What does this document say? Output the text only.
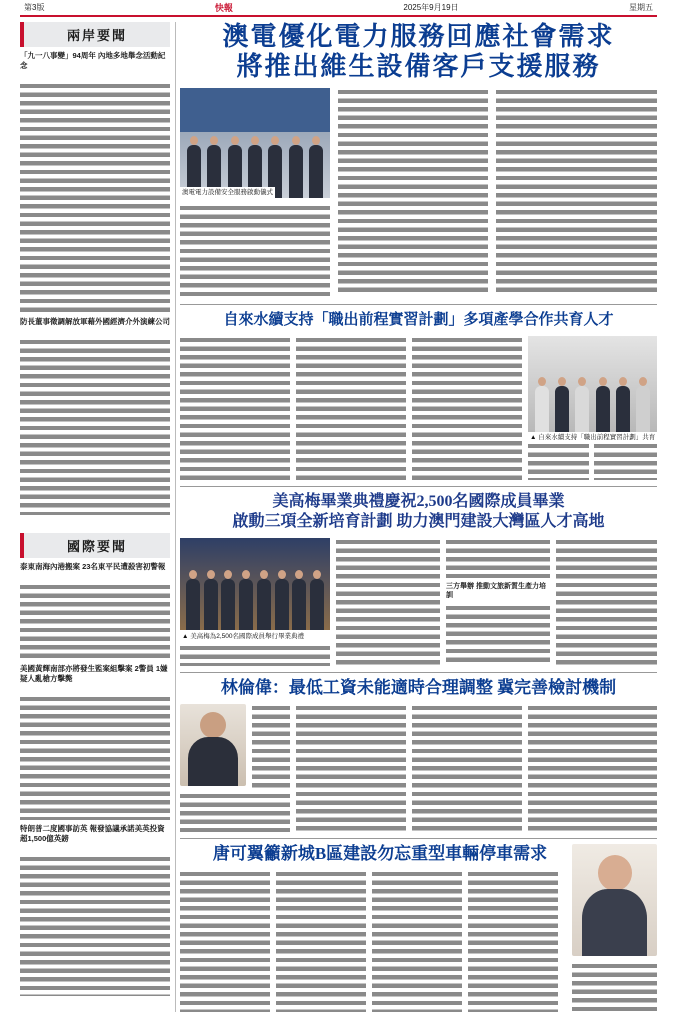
第3版	快報	2025年9月19日	星期五
兩岸要聞
「九一八事變」94周年 內地多地舉念活動紀念
防長董事徵調解放軍藉外國經濟介外演練公司
國際要聞
泰東南海內港搬案 23名東平民遭殺害初警報
美國黃輝南部亦將發生監案組擊案 2警員 1嫌疑人亂槍方擊斃
特朗普二度國事訪英 報發協議承諾美英投資超1,500億英鎊
澳電優化電力服務回應社會需求
將推出維生設備客戶支援服務
澳電電力設備安全服務啟動儀式
自來水續支持「職出前程實習計劃」多項產學合作共育人才
▲ 自來水續支持「職出前程實習計劃」共育
美高梅畢業典禮慶祝2,500名國際成員畢業
啟動三項全新培育計劃 助力澳門建設大灣區人才高地
▲ 美高梅為2,500名國際成員舉行畢業典禮
三方舉辦 推動文旅新質生產力培訓
林倫偉：最低工資未能適時合理調整 冀完善檢討機制
唐可翼籲新城B區建設勿忘重型車輛停車需求
